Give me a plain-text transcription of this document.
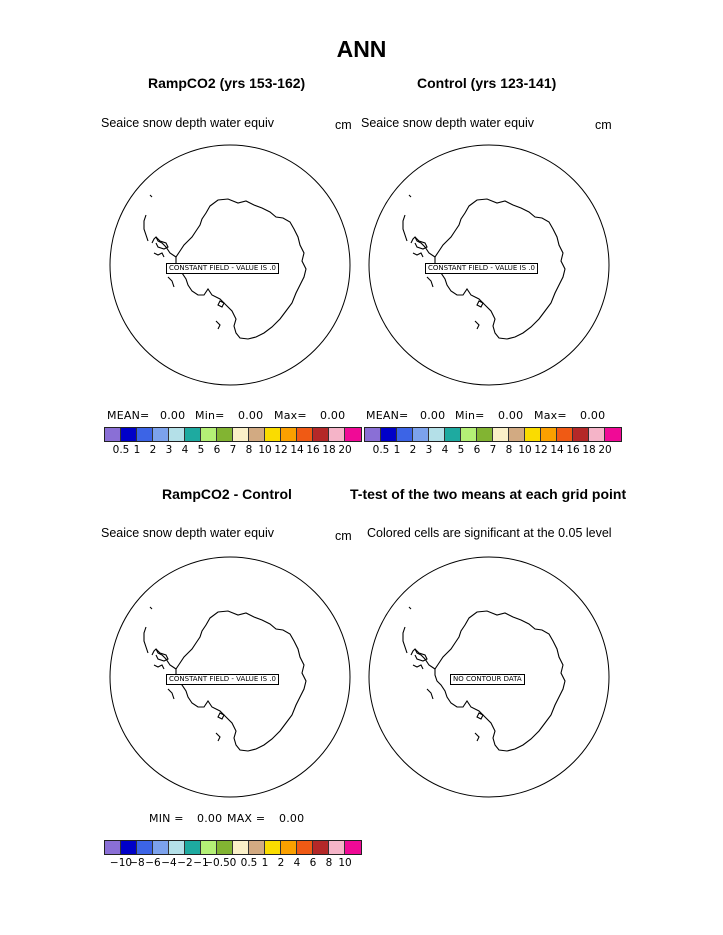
ANN
RampCO2 (yrs 153-162)
Seaice snow depth water equiv	cm
CONSTANT FIELD - VALUE IS .0
MEAN= 0.00 Min= 0.00 Max= 0.00
0.5 1 2 3 4 5 6 7 8 10 12 14 16 18 20
Control (yrs 123-141)
Seaice snow depth water equiv	cm
CONSTANT FIELD - VALUE IS .0
MEAN= 0.00 Min= 0.00 Max= 0.00
0.5 1 2 3 4 5 6 7 8 10 12 14 16 18 20
RampCO2 - Control
Seaice snow depth water equiv	cm
CONSTANT FIELD - VALUE IS .0
MIN = 0.00 MAX = 0.00
−10
−8 −6 −4 −2 −1
−0.5 0 0.5 1 2 4 6 8 10
T-test of the two means at each grid point
Colored cells are significant at the 0.05 level
NO CONTOUR DATA
